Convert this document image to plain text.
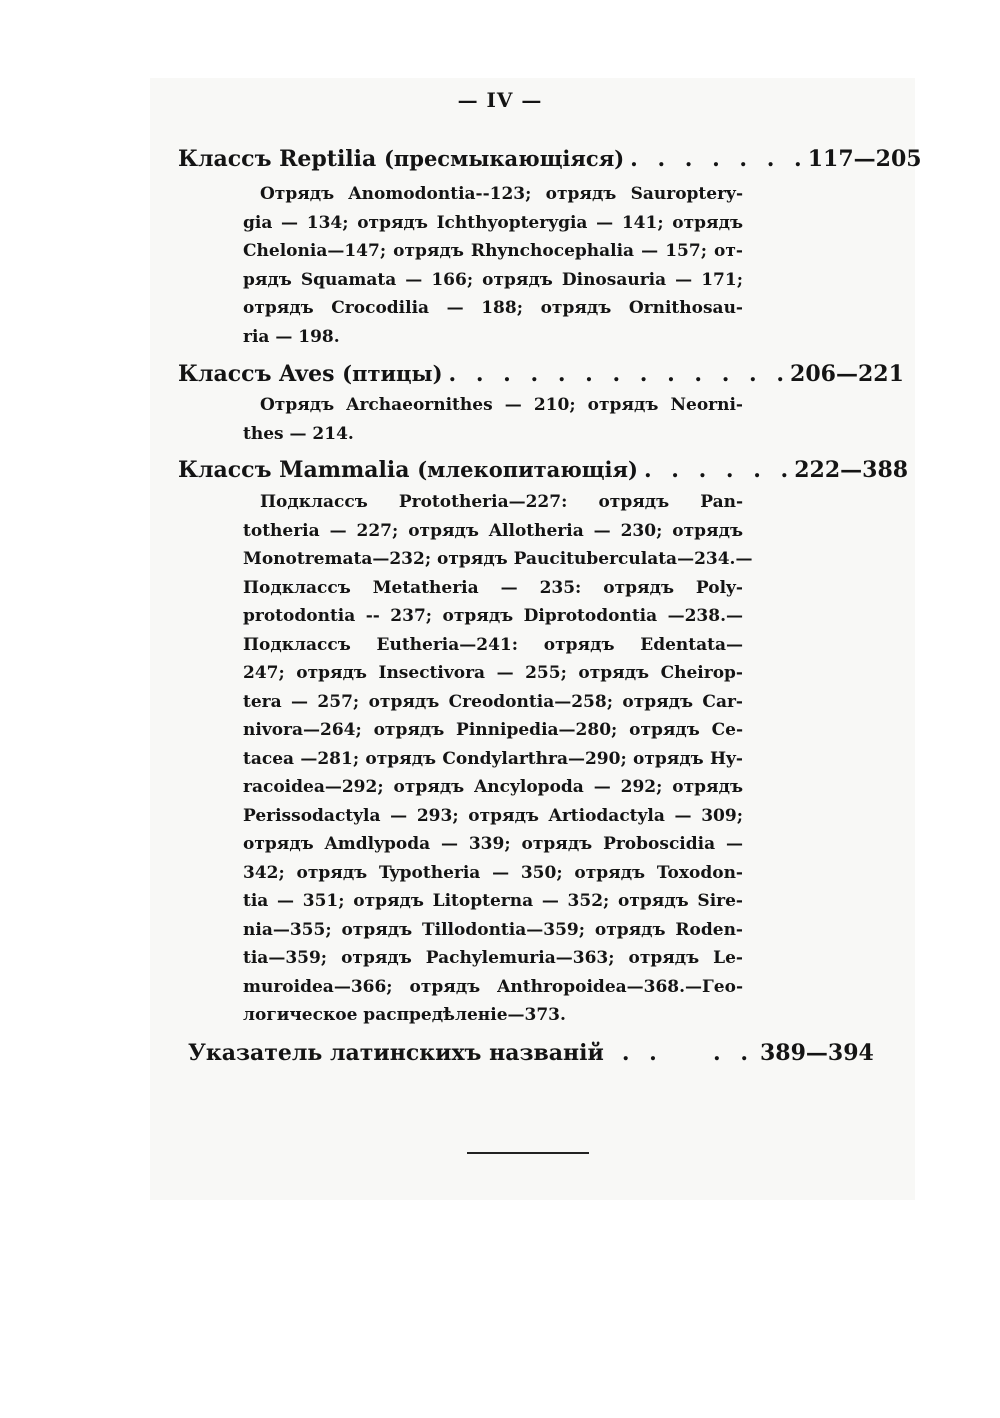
— IV —
Классъ Reptilia (пресмыкающіяся) . . . . . . . 117—205
Отрядъ Anomodontia--123; отрядъ Sauroptery-
gia — 134; отрядъ Ichthyopterygia — 141; отрядъ
Chelonia—147; отрядъ Rhynchocephalia — 157; от-
рядъ Squamata — 166; отрядъ Dinosauria — 171;
отрядъ Crocodilia — 188; отрядъ Ornithosau-
ria — 198.
Классъ Aves (птицы) . . . . . . . . . . . . . 206—221
Отрядъ Archaeornithes — 210; отрядъ Neorni-
thes — 214.
Классъ Mammalia (млекопитающія) . . . . . . 222—388
Подклассъ Prototheria—227: отрядъ Pan-
totheria — 227; отрядъ Allotheria — 230; отрядъ
Monotremata—232; отрядъ Paucituberculata—234.—
Подклассъ Metatheria — 235: отрядъ Poly-
protodontia -- 237; отрядъ Diprotodontia —238.—
Подклассъ Eutheria—241: отрядъ Edentata—
247; отрядъ Insectivora — 255; отрядъ Cheirop-
tera — 257; отрядъ Creodontia—258; отрядъ Car-
nivora—264; отрядъ Pinnipedia—280; отрядъ Ce-
tacea —281; отрядъ Condylarthra—290; отрядъ Hy-
racoidea—292; отрядъ Ancylopoda — 292; отрядъ
Perissodactyla — 293; отрядъ Artiodactyla — 309;
отрядъ Amdlypoda — 339; отрядъ Proboscidia —
342; отрядъ Typotheria — 350; отрядъ Toxodon-
tia — 351; отрядъ Litopterna — 352; отрядъ Sire-
nia—355; отрядъ Tillodontia—359; отрядъ Roden-
tia—359; отрядъ Pachylemuria—363; отрядъ Le-
muroidea—366; отрядъ Anthropoidea—368.—Гео-
логическое распредѣленіе—373.
Указатель латинскихъ названій . . . . 389—394
